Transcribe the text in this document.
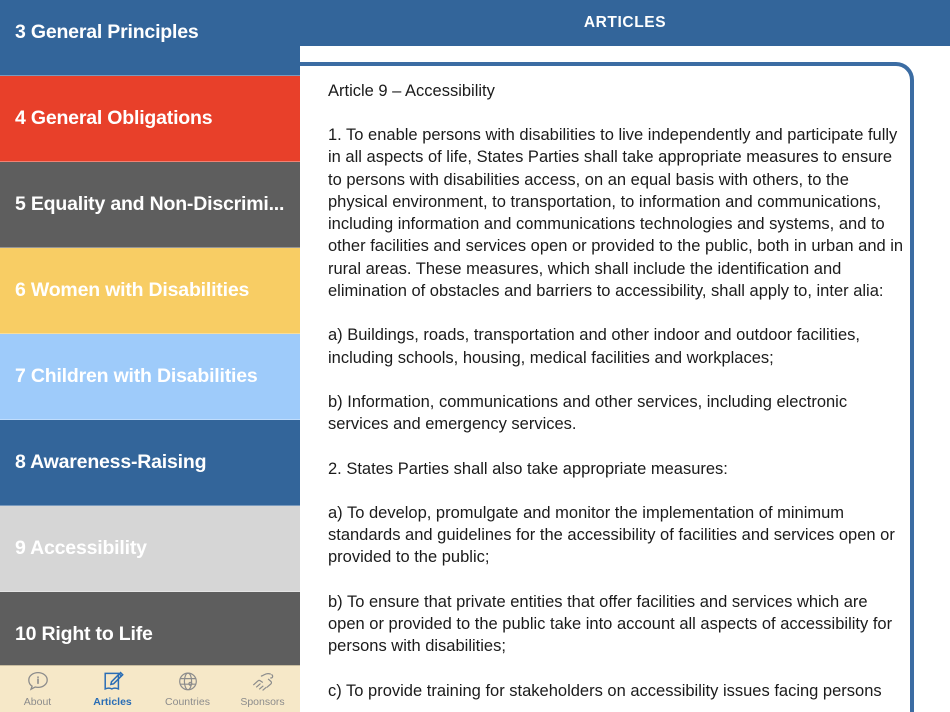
3 General Principles
4 General Obligations
5 Equality and Non-Discrimi...
6 Women with Disabilities
7 Children with Disabilities
8 Awareness-Raising
9 Accessibility
10 Right to Life
About	Articles	Countries	Sponsors
ARTICLES
Article 9 – Accessibility
1. To enable persons with disabilities to live independently and participate fully in all aspects of life, States Parties shall take appropriate measures to ensure to persons with disabilities access, on an equal basis with others, to the physical environment, to transportation, to information and communications, including information and communications technologies and systems, and to other facilities and services open or provided to the public, both in urban and in rural areas. These measures, which shall include the identification and elimination of obstacles and barriers to accessibility, shall apply to, inter alia:
a) Buildings, roads, transportation and other indoor and outdoor facilities, including schools, housing, medical facilities and workplaces;
b) Information, communications and other services, including electronic services and emergency services.
2. States Parties shall also take appropriate measures:
a) To develop, promulgate and monitor the implementation of minimum standards and guidelines for the accessibility of facilities and services open or provided to the public;
b) To ensure that private entities that offer facilities and services which are open or provided to the public take into account all aspects of accessibility for persons with disabilities;
c) To provide training for stakeholders on accessibility issues facing persons
